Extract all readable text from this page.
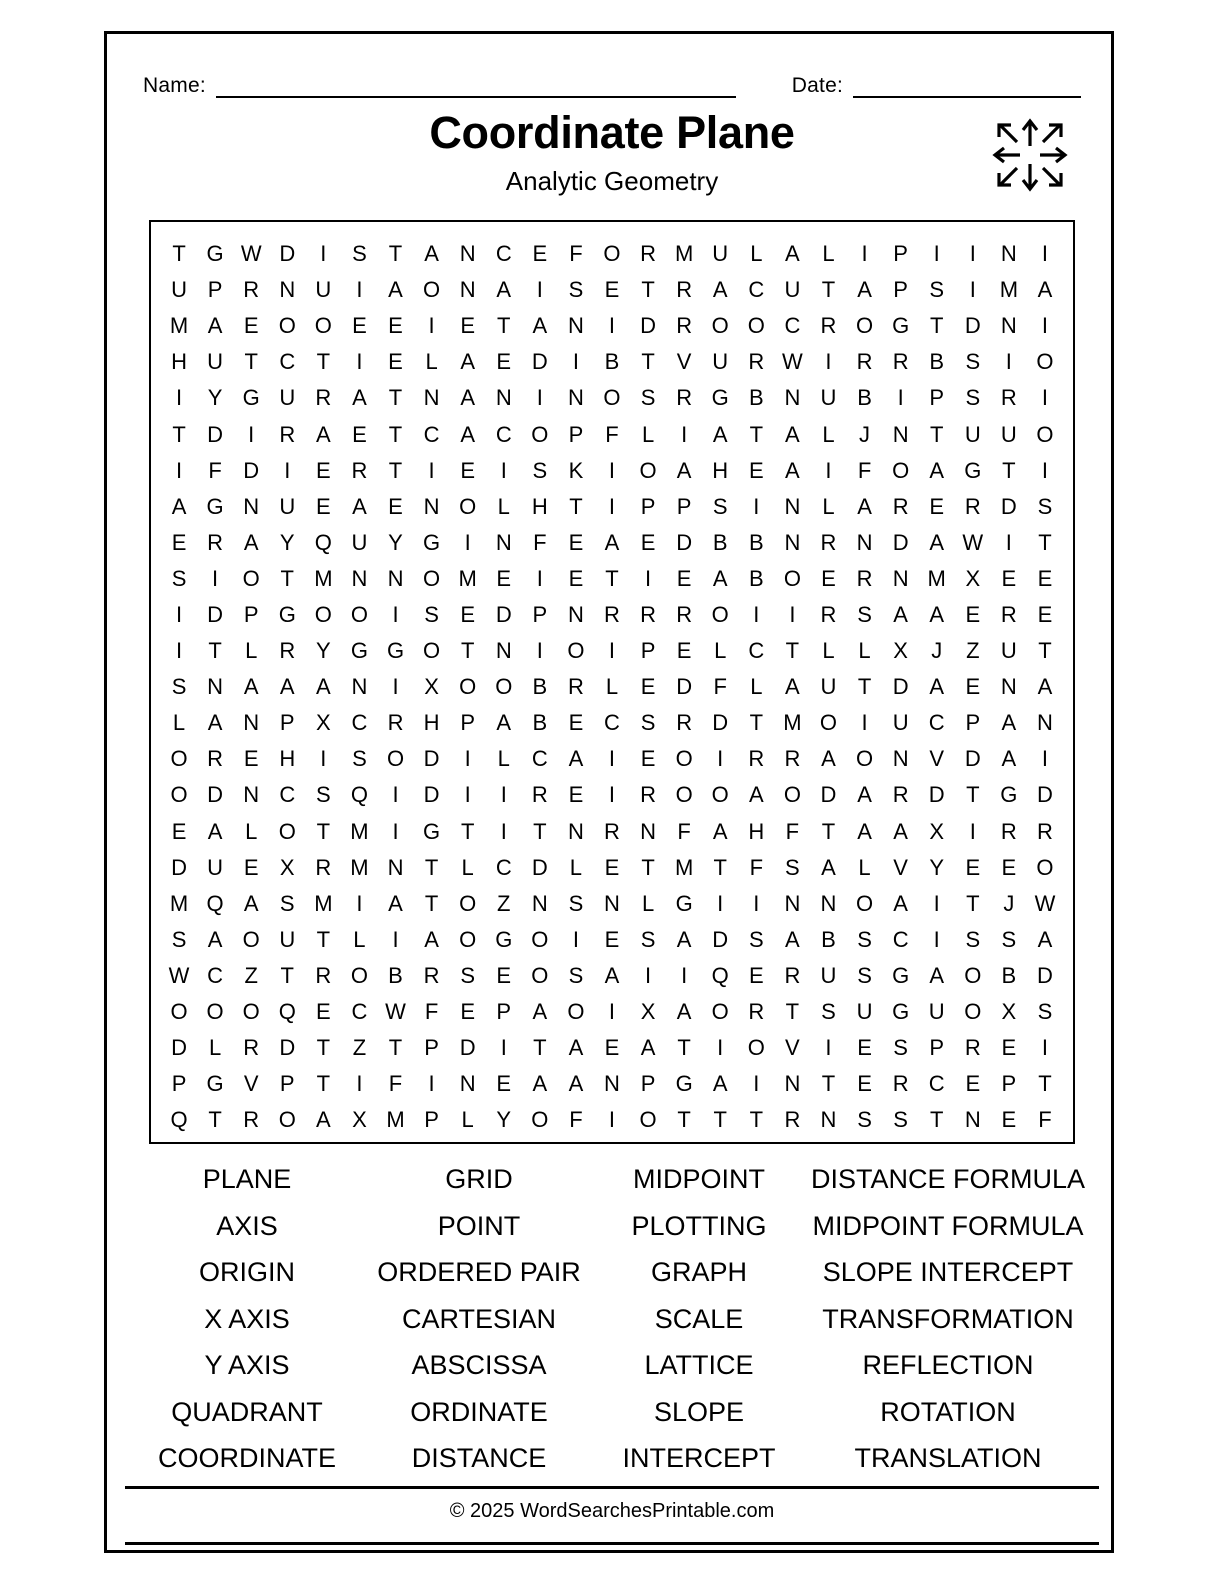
Name:	Date:
Coordinate Plane
Analytic Geometry
T G W D	I	S	T	A N C E	F O R M U	L	A	L	I	P	I	I	N	I
U P R N U	I	A O N A	I	S E	T R A C U T	A P S	I	M A
M A E O O E E	I	E	T	A N	I	D R O O C R O G T D N	I
H U T C T	I	E	L	A E D	I	B	T	V U R W	I	R R B S	I	O
I	Y G U R A	T N A N	I	N O S R G B N U B	I	P S R	I
T D	I	R A E	T C A C O P	F	L	I	A	T	A	L	J	N T U U O
I	F D	I	E R T	I	E	I	S K	I	O A H E A	I	F O A G T	I
A G N U E A E N O L	H T	I	P P S	I	N	L	A R E R D S
E R A Y Q U Y G	I	N F	E A E D B B N R N D A W	I	T
S	I	O T M N N O M E	I	E	T	I	E A B O E R N M X E E
I	D P G O O	I	S E D P N R R R O	I	I	R S A A E R E
I	T	L	R Y G G O T N	I	O	I	P E	L	C T	L	L	X	J	Z U T
S N A A A N	I	X O O B R	L	E D F	L	A U T D A E N A
L	A N P X C R H P A B E C S R D T M O	I	U C P A N
O R E H	I	S O D	I	L	C A	I	E O	I	R R A O N V D A	I
O D N C S Q	I	D	I	I	R E	I	R O O A O D A R D T G D
E A	L O T M	I	G T	I	T N R N F	A H F	T	A A X	I	R R
D U E X R M N T	L	C D	L	E	T M T	F	S A	L	V Y E E O
M Q A S M	I	A	T O Z N S N	L G	I	I	N N O A	I	T	J W
S A O U T	L	I	A O G O	I	E S A D S A B S C	I	S S A
W C Z	T R O B R S E O S A	I	I	Q E R U S G A O B D
O O O Q E C W F	E P A O	I	X A O R T	S U G U O X S
D	L	R D T	Z	T	P D	I	T	A E A	T	I	O V	I	E S P R E	I
P G V P	T	I	F	I	N E A A N P G A	I	N T	E R C E P	T
Q T R O A X M P	L	Y O F	I	O T	T	T R N S S	T N E	F
PLANE	GRID	MIDPOINT	DISTANCE FORMULA
AXIS	POINT	PLOTTING	MIDPOINT FORMULA
ORIGIN	ORDERED PAIR	GRAPH	SLOPE INTERCEPT
X AXIS	CARTESIAN	SCALE	TRANSFORMATION
Y AXIS	ABSCISSA	LATTICE	REFLECTION
QUADRANT	ORDINATE	SLOPE	ROTATION
COORDINATE	DISTANCE	INTERCEPT	TRANSLATION
© 2025 WordSearchesPrintable.com
